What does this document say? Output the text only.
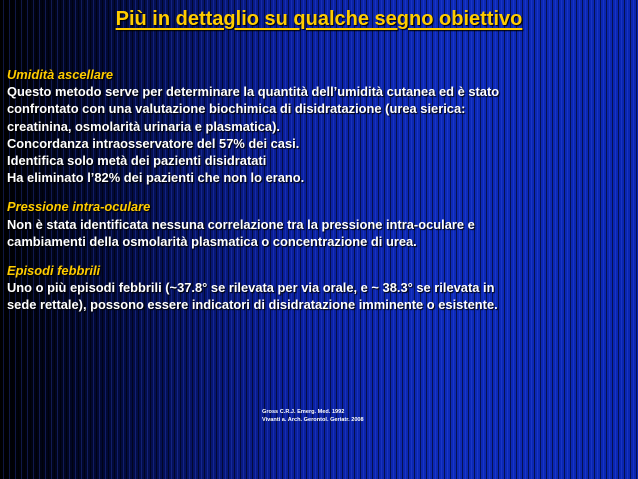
Più in dettaglio su qualche segno obiettivo
Umidità ascellare
Questo metodo serve per determinare la quantità dell’umidità cutanea ed è stato
confrontato con una valutazione biochimica di disidratazione (urea sierica:
creatinina, osmolarità urinaria e plasmatica).
Concordanza intraosservatore del 57% dei casi.
Identifica solo metà dei pazienti disidratati
Ha eliminato l’82% dei pazienti che non lo erano.
Pressione intra-oculare
Non è stata identificata nessuna correlazione tra la pressione intra-oculare e
cambiamenti della osmolarità plasmatica o concentrazione di urea.
Episodi febbrili
Uno o più episodi febbrili (~37.8° se rilevata per via orale, e ~ 38.3° se rilevata in
sede rettale), possono essere indicatori di disidratazione imminente o esistente.
Gross C.R.J. Emerg. Med. 1992
Vivanti a. Arch. Gerontol. Geriatr. 2008
